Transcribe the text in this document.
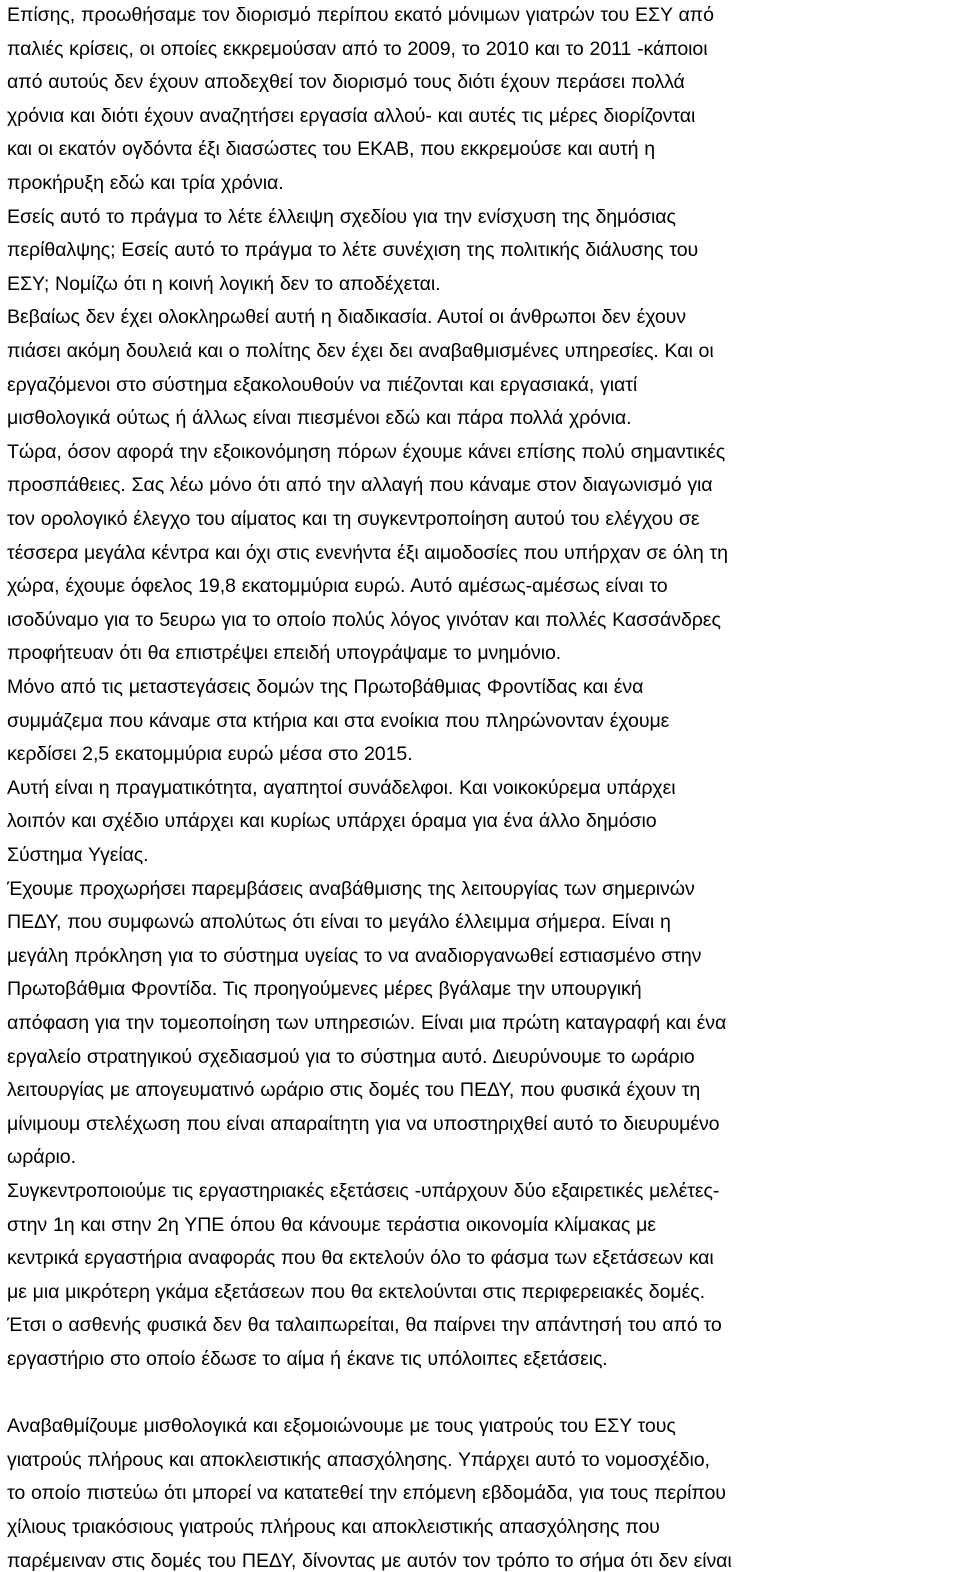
Επίσης, προωθήσαμε τον διορισμό περίπου εκατό μόνιμων γιατρών του ΕΣΥ από
παλιές κρίσεις, οι οποίες εκκρεμούσαν από το 2009, το 2010 και το 2011 -κάποιοι
από αυτούς δεν έχουν αποδεχθεί τον διορισμό τους διότι έχουν περάσει πολλά
χρόνια και διότι έχουν αναζητήσει εργασία αλλού- και αυτές τις μέρες διορίζονται
και οι εκατόν ογδόντα έξι διασώστες του ΕΚΑΒ, που εκκρεμούσε και αυτή η
προκήρυξη εδώ και τρία χρόνια.
Εσείς αυτό το πράγμα το λέτε έλλειψη σχεδίου για την ενίσχυση της δημόσιας
περίθαλψης; Εσείς αυτό το πράγμα το λέτε συνέχιση της πολιτικής διάλυσης του
ΕΣΥ; Νομίζω ότι η κοινή λογική δεν το αποδέχεται.
Βεβαίως δεν έχει ολοκληρωθεί αυτή η διαδικασία. Αυτοί οι άνθρωποι δεν έχουν
πιάσει ακόμη δουλειά και ο πολίτης δεν έχει δει αναβαθμισμένες υπηρεσίες. Και οι
εργαζόμενοι στο σύστημα εξακολουθούν να πιέζονται και εργασιακά, γιατί
μισθολογικά ούτως ή άλλως είναι πιεσμένοι εδώ και πάρα πολλά χρόνια.
Τώρα, όσον αφορά την εξοικονόμηση πόρων έχουμε κάνει επίσης πολύ σημαντικές
προσπάθειες. Σας λέω μόνο ότι από την αλλαγή που κάναμε στον διαγωνισμό για
τον ορολογικό έλεγχο του αίματος και τη συγκεντροποίηση αυτού του ελέγχου σε
τέσσερα μεγάλα κέντρα και όχι στις ενενήντα έξι αιμοδοσίες που υπήρχαν σε όλη τη
χώρα, έχουμε όφελος 19,8 εκατομμύρια ευρώ. Αυτό αμέσως-αμέσως είναι το
ισοδύναμο για το 5ευρω για το οποίο πολύς λόγος γινόταν και πολλές Κασσάνδρες
προφήτευαν ότι θα επιστρέψει επειδή υπογράψαμε το μνημόνιο.
Μόνο από τις μεταστεγάσεις δομών της Πρωτοβάθμιας Φροντίδας και ένα
συμμάζεμα που κάναμε στα κτήρια και στα ενοίκια που πληρώνονταν έχουμε
κερδίσει 2,5 εκατομμύρια ευρώ μέσα στο 2015.
Αυτή είναι η πραγματικότητα, αγαπητοί συνάδελφοι. Και νοικοκύρεμα υπάρχει
λοιπόν και σχέδιο υπάρχει και κυρίως υπάρχει όραμα για ένα άλλο δημόσιο
Σύστημα Υγείας.
Έχουμε προχωρήσει παρεμβάσεις αναβάθμισης της λειτουργίας των σημερινών
ΠΕΔΥ, που συμφωνώ απολύτως ότι είναι το μεγάλο έλλειμμα σήμερα. Είναι η
μεγάλη πρόκληση για το σύστημα υγείας το να αναδιοργανωθεί εστιασμένο στην
Πρωτοβάθμια Φροντίδα. Τις προηγούμενες μέρες βγάλαμε την υπουργική
απόφαση για την τομεοποίηση των υπηρεσιών. Είναι μια πρώτη καταγραφή και ένα
εργαλείο στρατηγικού σχεδιασμού για το σύστημα αυτό. Διευρύνουμε το ωράριο
λειτουργίας με απογευματινό ωράριο στις δομές του ΠΕΔΥ, που φυσικά έχουν τη
μίνιμουμ στελέχωση που είναι απαραίτητη για να υποστηριχθεί αυτό το διευρυμένο
ωράριο.
Συγκεντροποιούμε τις εργαστηριακές εξετάσεις -υπάρχουν δύο εξαιρετικές μελέτες-
στην 1η και στην 2η ΥΠΕ όπου θα κάνουμε τεράστια οικονομία κλίμακας με
κεντρικά εργαστήρια αναφοράς που θα εκτελούν όλο το φάσμα των εξετάσεων και
με μια μικρότερη γκάμα εξετάσεων που θα εκτελούνται στις περιφερειακές δομές.
Έτσι ο ασθενής φυσικά δεν θα ταλαιπωρείται, θα παίρνει την απάντησή του από το
εργαστήριο στο οποίο έδωσε το αίμα ή έκανε τις υπόλοιπες εξετάσεις.
Αναβαθμίζουμε μισθολογικά και εξομοιώνουμε με τους γιατρούς του ΕΣΥ τους
γιατρούς πλήρους και αποκλειστικής απασχόλησης. Υπάρχει αυτό το νομοσχέδιο,
το οποίο πιστεύω ότι μπορεί να κατατεθεί την επόμενη εβδομάδα, για τους περίπου
χίλιους τριακόσιους γιατρούς πλήρους και αποκλειστικής απασχόλησης που
παρέμειναν στις δομές του ΠΕΔΥ, δίνοντας με αυτόν τον τρόπο το σήμα ότι δεν είναι
